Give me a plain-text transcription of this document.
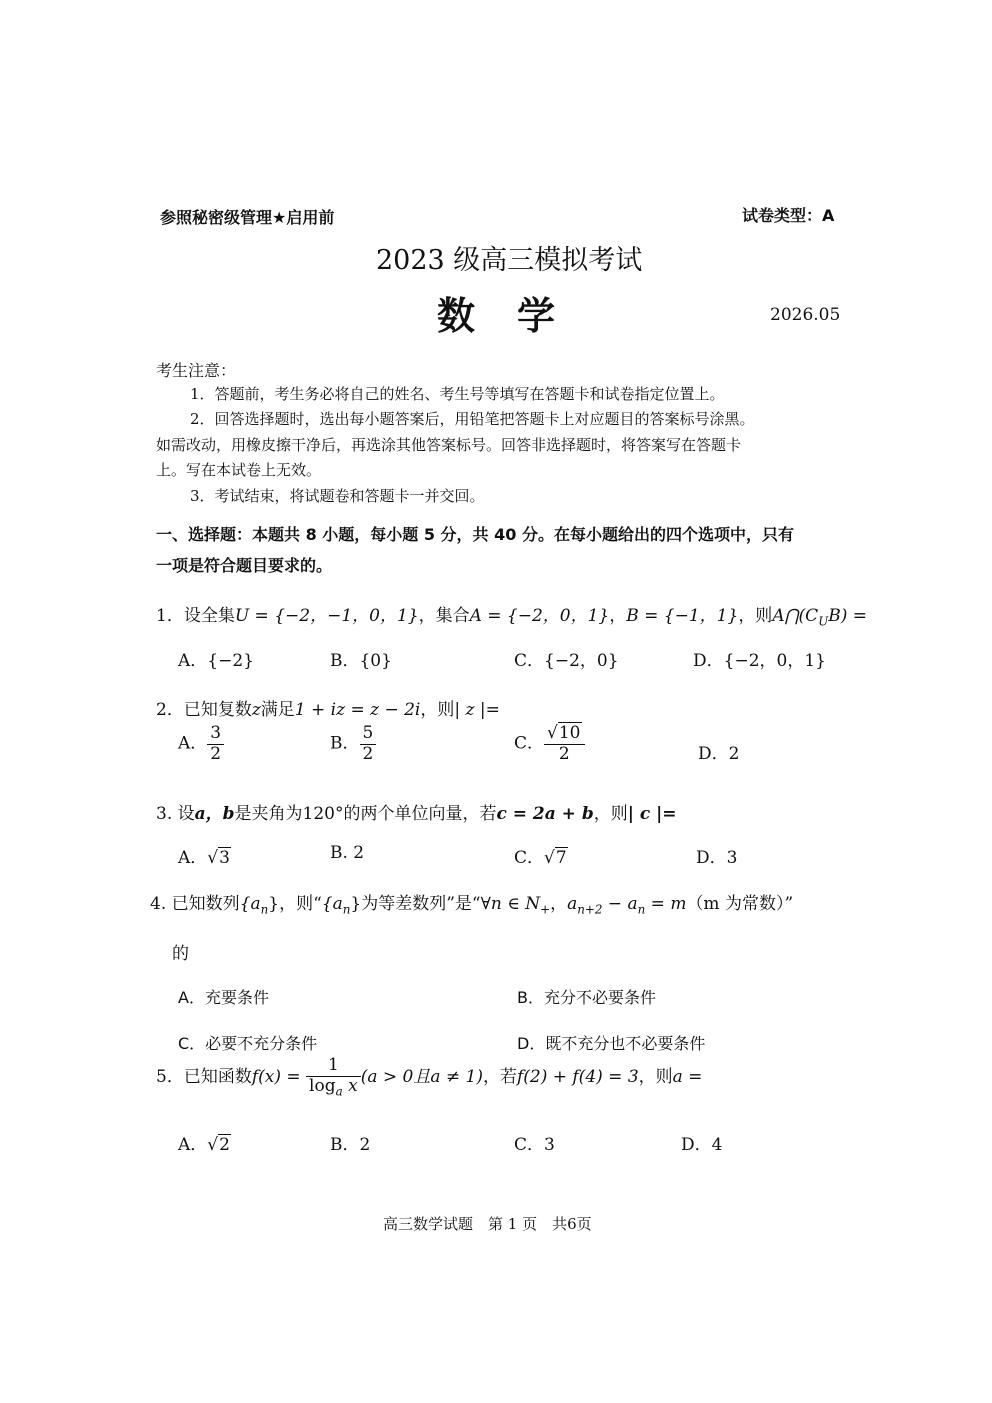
参照秘密级管理★启用前	试卷类型：A
2023 级高三模拟考试
数　学	2026.05
考生注意：
1．答题前，考生务必将自己的姓名、考生号等填写在答题卡和试卷指定位置上。
2．回答选择题时，选出每小题答案后，用铅笔把答题卡上对应题目的答案标号涂黑。
如需改动，用橡皮擦干净后，再选涂其他答案标号。回答非选择题时，将答案写在答题卡
上。写在本试卷上无效。
3．考试结束，将试题卷和答题卡一并交回。
一、选择题：本题共 8 小题，每小题 5 分，共 40 分。在每小题给出的四个选项中，只有
一项是符合题目要求的。
1．设全集U = {−2，−1，0，1}，集合A = {−2，0，1}，B = {−1，1}，则$A⋂(C_UB)$ =
A．{−2}	B．{0}	C．{−2，0}	D．{−2，0，1}
2．已知复数z满足1 + iz = z − 2i，则| z |=
A． $\frac{3}{2}$	B． $\frac{5}{2}$	C． $\frac{√10}{2}$	D．2
3. 设a，b是夹角为120°的两个单位向量，若c = 2a + b，则| c |=
A．√3	B. 2	C．√7	D．3
4. 已知数列$\{a_n\}$，则“$\{a_n\}$为等差数列”是“∀n ∈ $N_+$，$a_{n+2} - a_n = m(m$ 为常数）”
的
A．充要条件	B．充分不必要条件
C．必要不充分条件	D．既不充分也不必要条件
5．已知函数$f(x) = \frac{1}{\log_a x} (a > 0$且a ≠ 1)，若f(2) + f(4) = 3，则a =
A．√2	B．2	C．3	D．4
高三数学试题　第 1 页　共6页
